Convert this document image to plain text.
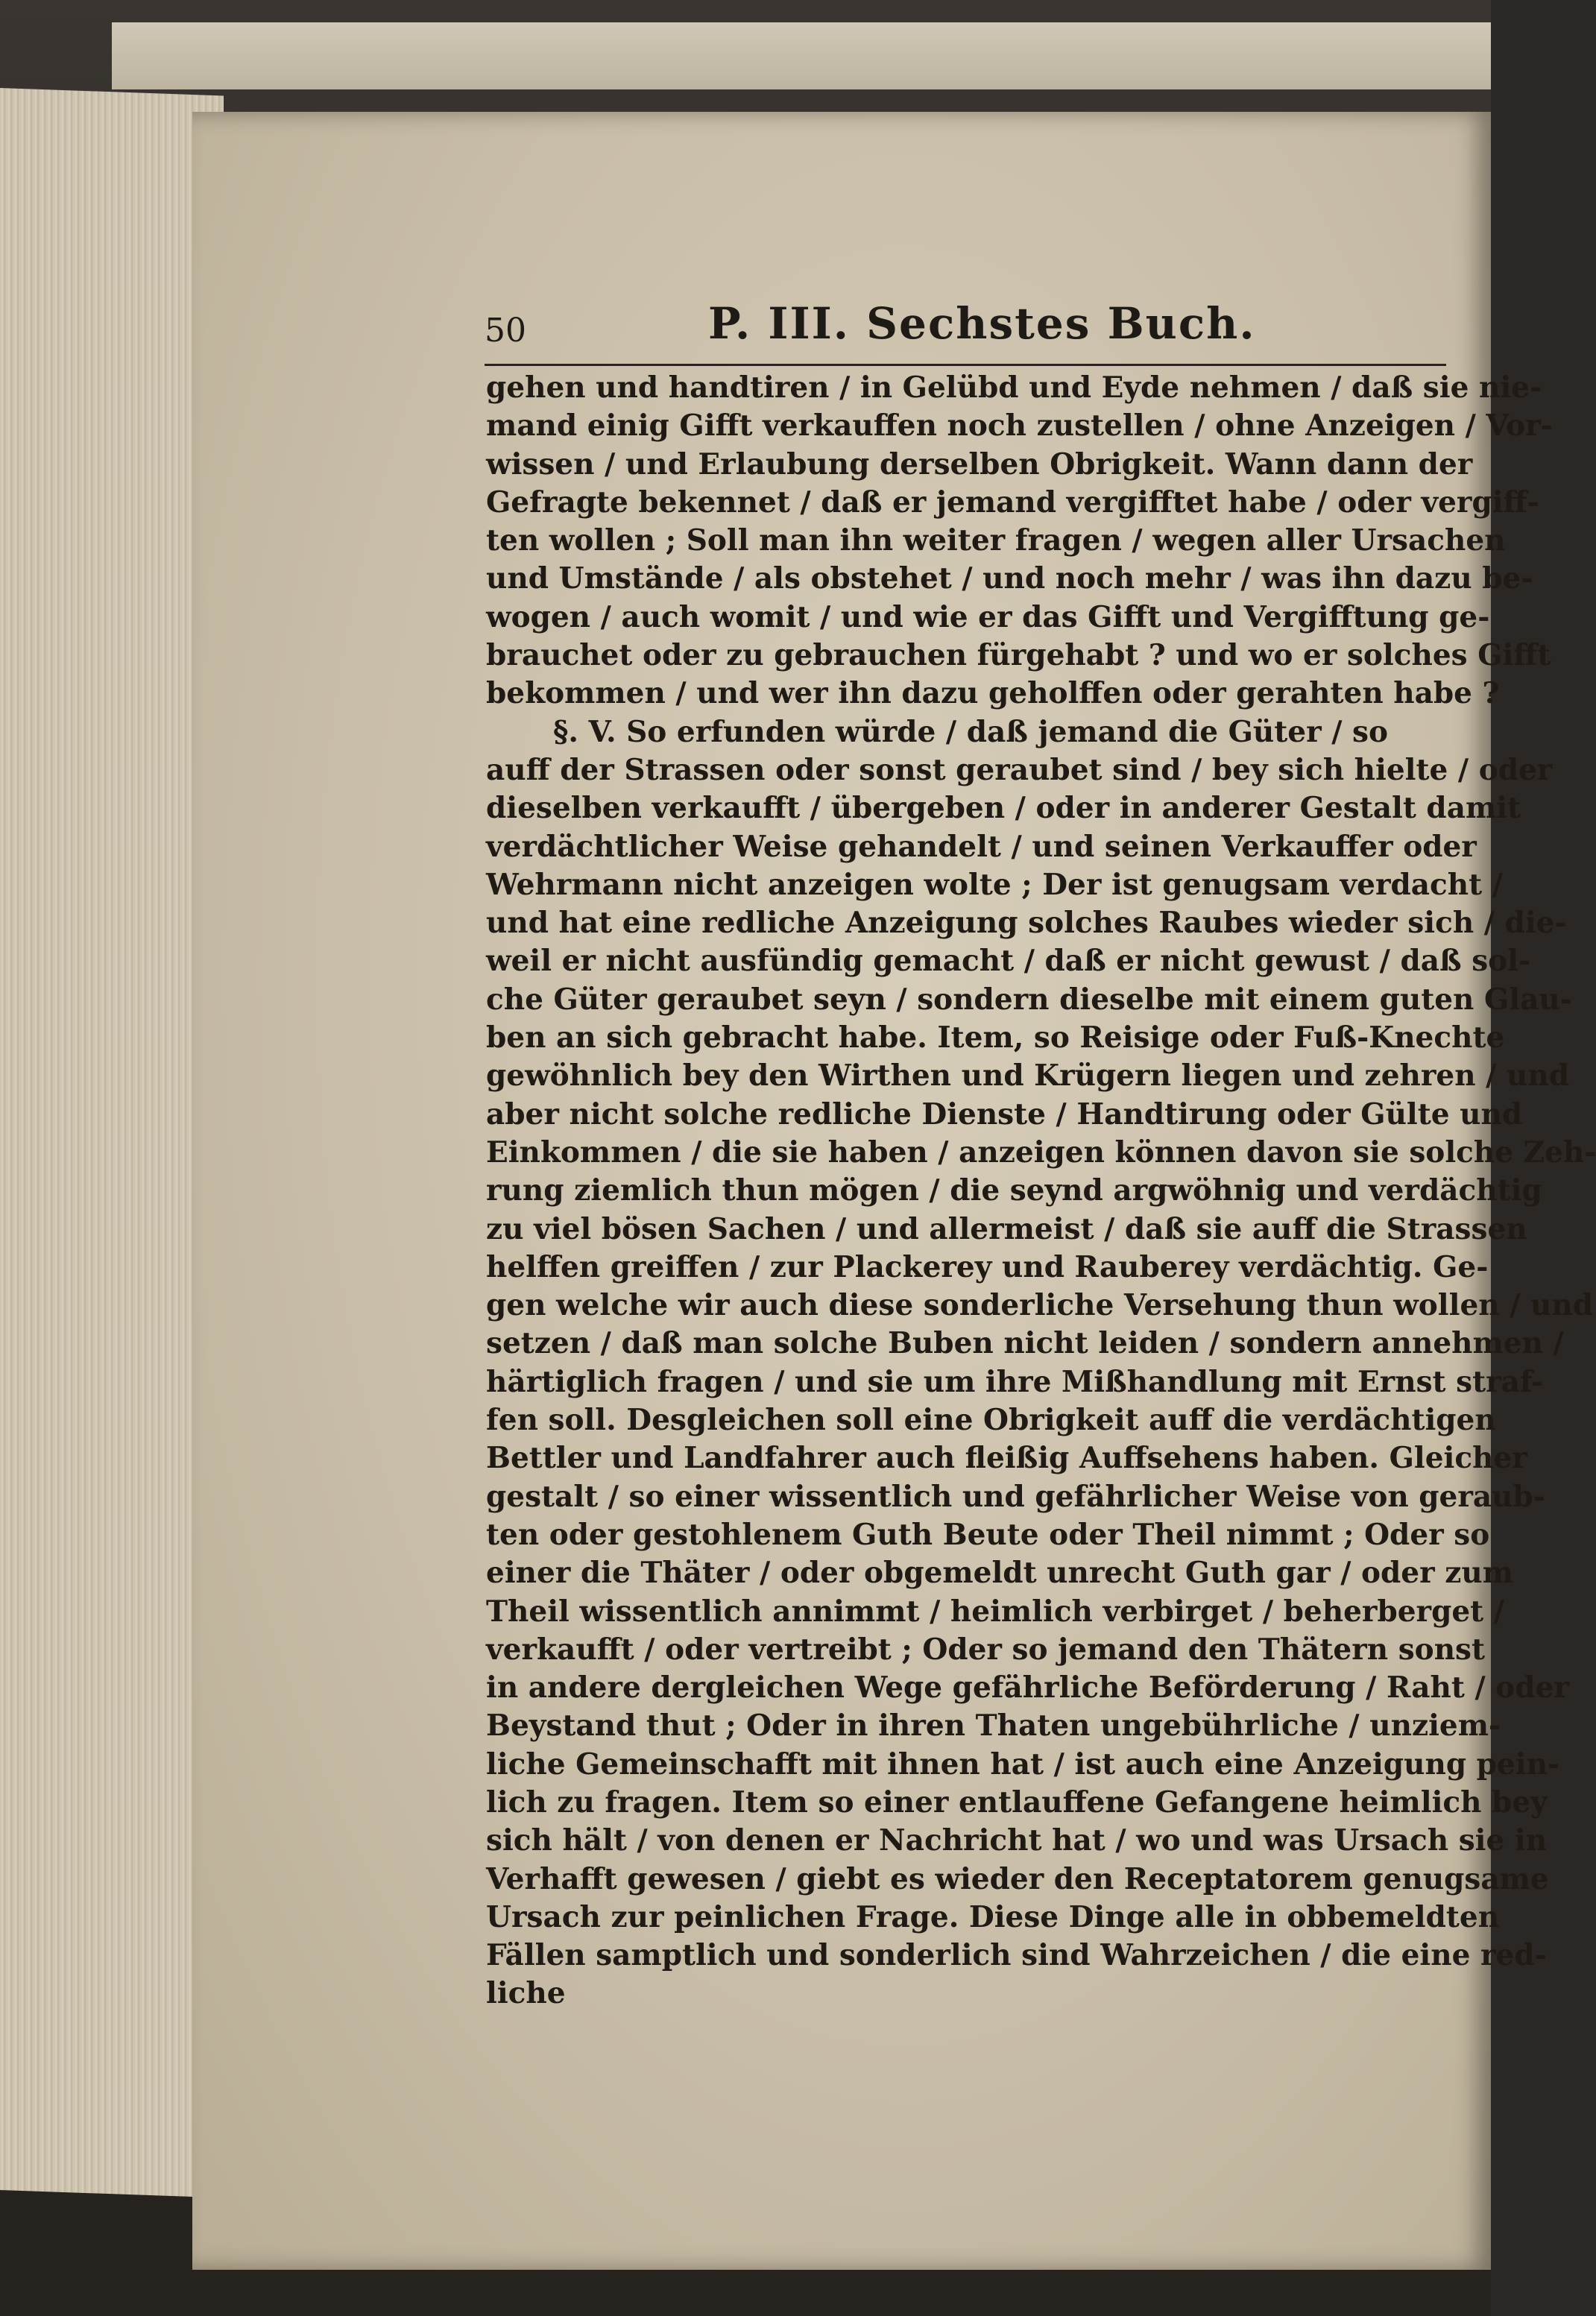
50	P. III. Sechstes Buch.
gehen und handtiren / in Gelübd und Eyde nehmen / daß sie nie-
mand einig Gifft verkauffen noch zustellen / ohne Anzeigen / Vor-
wissen / und Erlaubung derselben Obrigkeit. Wann dann der
Gefragte bekennet / daß er jemand vergifftet habe / oder vergiff-
ten wollen ; Soll man ihn weiter fragen / wegen aller Ursachen
und Umstände / als obstehet / und noch mehr / was ihn dazu be-
wogen / auch womit / und wie er das Gifft und Vergifftung ge-
brauchet oder zu gebrauchen fürgehabt ? und wo er solches Gifft
bekommen / und wer ihn dazu geholffen oder gerahten habe ?
§. V. So erfunden würde / daß jemand die Güter / so
auff der Strassen oder sonst geraubet sind / bey sich hielte / oder
dieselben verkaufft / übergeben / oder in anderer Gestalt damit
verdächtlicher Weise gehandelt / und seinen Verkauffer oder
Wehrmann nicht anzeigen wolte ; Der ist genugsam verdacht /
und hat eine redliche Anzeigung solches Raubes wieder sich / die-
weil er nicht ausfündig gemacht / daß er nicht gewust / daß sol-
che Güter geraubet seyn / sondern dieselbe mit einem guten Glau-
ben an sich gebracht habe. Item, so Reisige oder Fuß-Knechte
gewöhnlich bey den Wirthen und Krügern liegen und zehren / und
aber nicht solche redliche Dienste / Handtirung oder Gülte und
Einkommen / die sie haben / anzeigen können davon sie solche Zeh-
rung ziemlich thun mögen / die seynd argwöhnig und verdächtig
zu viel bösen Sachen / und allermeist / daß sie auff die Strassen
helffen greiffen / zur Plackerey und Rauberey verdächtig. Ge-
gen welche wir auch diese sonderliche Versehung thun wollen / und
setzen / daß man solche Buben nicht leiden / sondern annehmen /
härtiglich fragen / und sie um ihre Mißhandlung mit Ernst straf-
fen soll. Desgleichen soll eine Obrigkeit auff die verdächtigen
Bettler und Landfahrer auch fleißig Auffsehens haben. Gleicher
gestalt / so einer wissentlich und gefährlicher Weise von geraub-
ten oder gestohlenem Guth Beute oder Theil nimmt ; Oder so
einer die Thäter / oder obgemeldt unrecht Guth gar / oder zum
Theil wissentlich annimmt / heimlich verbirget / beherberget /
verkaufft / oder vertreibt ; Oder so jemand den Thätern sonst
in andere dergleichen Wege gefährliche Beförderung / Raht / oder
Beystand thut ; Oder in ihren Thaten ungebührliche / unziem-
liche Gemeinschafft mit ihnen hat / ist auch eine Anzeigung pein-
lich zu fragen. Item so einer entlauffene Gefangene heimlich bey
sich hält / von denen er Nachricht hat / wo und was Ursach sie in
Verhafft gewesen / giebt es wieder den Receptatorem genugsame
Ursach zur peinlichen Frage. Diese Dinge alle in obbemeldten
Fällen samptlich und sonderlich sind Wahrzeichen / die eine red-
liche
